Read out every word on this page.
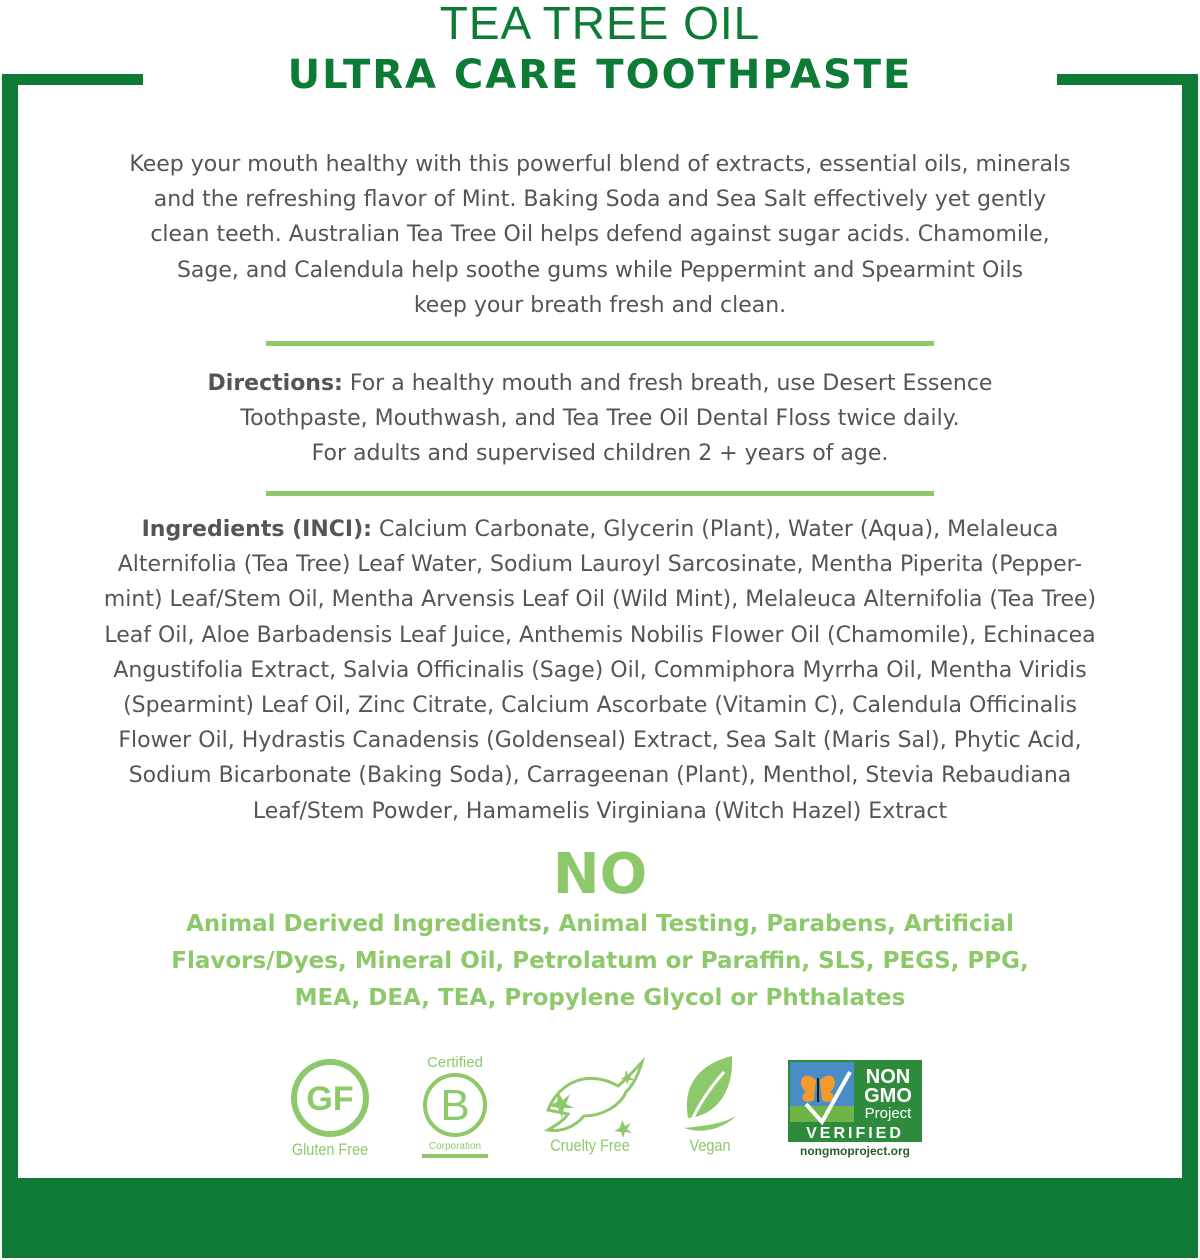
TEA TREE OIL
ULTRA CARE TOOTHPASTE
Keep your mouth healthy with this powerful blend of extracts, essential oils, minerals
and the refreshing flavor of Mint. Baking Soda and Sea Salt effectively yet gently
clean teeth. Australian Tea Tree Oil helps defend against sugar acids. Chamomile,
Sage, and Calendula help soothe gums while Peppermint and Spearmint Oils
keep your breath fresh and clean.
Directions: For a healthy mouth and fresh breath, use Desert Essence
Toothpaste, Mouthwash, and Tea Tree Oil Dental Floss twice daily.
For adults and supervised children 2 + years of age.
Ingredients (INCI): Calcium Carbonate, Glycerin (Plant), Water (Aqua), Melaleuca
Alternifolia (Tea Tree) Leaf Water, Sodium Lauroyl Sarcosinate, Mentha Piperita (Pepper-
mint) Leaf/Stem Oil, Mentha Arvensis Leaf Oil (Wild Mint), Melaleuca Alternifolia (Tea Tree)
Leaf Oil, Aloe Barbadensis Leaf Juice, Anthemis Nobilis Flower Oil (Chamomile), Echinacea
Angustifolia Extract, Salvia Officinalis (Sage) Oil, Commiphora Myrrha Oil, Mentha Viridis
(Spearmint) Leaf Oil, Zinc Citrate, Calcium Ascorbate (Vitamin C), Calendula Officinalis
Flower Oil, Hydrastis Canadensis (Goldenseal) Extract, Sea Salt (Maris Sal), Phytic Acid,
Sodium Bicarbonate (Baking Soda), Carrageenan (Plant), Menthol, Stevia Rebaudiana
Leaf/Stem Powder, Hamamelis Virginiana (Witch Hazel) Extract
NO
Animal Derived Ingredients, Animal Testing, Parabens, Artificial
Flavors/Dyes, Mineral Oil, Petrolatum or Paraffin, SLS, PEGS, PPG,
MEA, DEA, TEA, Propylene Glycol or Phthalates
GF
Gluten Free
Certified
B
Corporation	Cruelty Free	Vegan
NON
GMO
Project
VERIFIED
nongmoproject.org
